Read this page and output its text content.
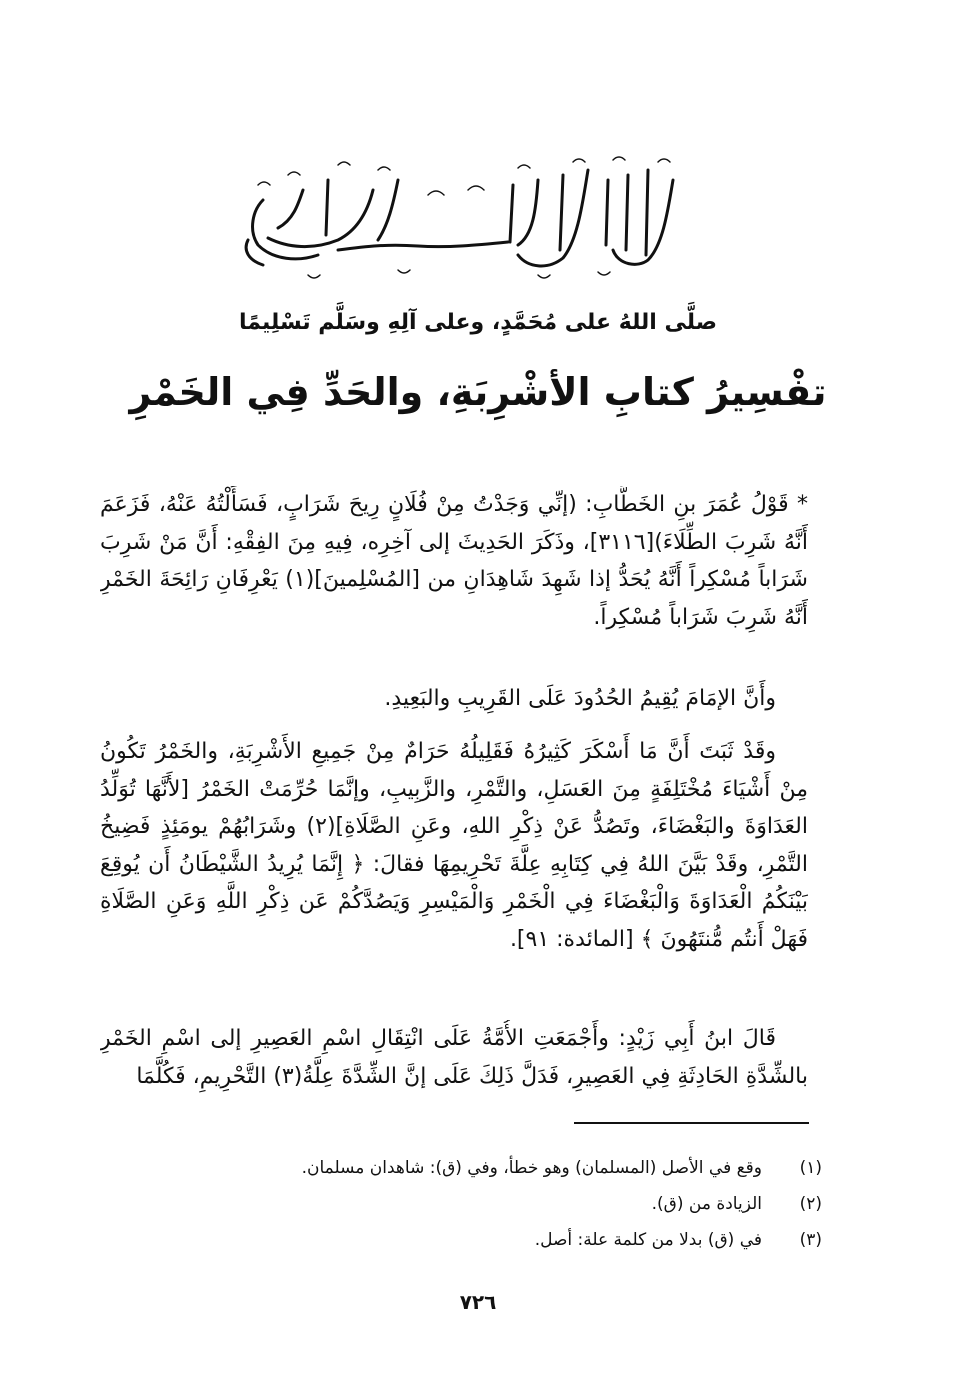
صلَّى اللهُ على مُحَمَّدٍ، وعلى آلِهِ وسَلَّم تَسْلِيمًا
تفْسِيرُ كتابِ الأشْرِبَةِ، والحَدِّ فِي الخَمْرِ
* قَوْلُ عُمَرَ بنِ الخَطَّابِ: (إنِّي وَجَدْتُ مِنْ فُلَانٍ رِيحَ شَرَابٍ، فَسَأَلْتُهُ عَنْهُ، فَزَعَمَ أَنَّهُ شَرِبَ الطِّلَاءَ)[٣١١٦]، وذَكَرَ الحَدِيثَ إلى آخِرِه، فِيهِ مِنَ الفِقْهِ: أَنَّ مَنْ شَرِبَ شَرَاباً مُسْكِراً أَنَّهُ يُحَدُّ إذا شَهِدَ شَاهِدَانِ من [المُسْلِمينَ](١) يَعْرِفَانِ رَائِحَةَ الخَمْرِ أَنَّهُ شَرِبَ شَرَاباً مُسْكِراً.
وأَنَّ الإمَامَ يُقِيمُ الحُدُودَ عَلَى القَرِيبِ والبَعِيدِ.
وقَدْ ثَبَتَ أَنَّ مَا أَسْكَرَ كَثِيرُهُ فَقَلِيلُهُ حَرَامٌ مِنْ جَمِيعِ الأَشْرِبَةِ، والخَمْرُ تَكُونُ مِنْ أَشْيَاءَ مُخْتَلِفَةٍ مِنَ العَسَلِ، والتَّمْرِ، والزَّبِيبِ، وإنَّمَا حُرِّمَتْ الخَمْرُ [لأَنَّهَا تُوَلِّدُ العَدَاوَةَ والبَغْضَاءَ، وتَصُدُّ عَنْ ذِكْرِ اللهِ، وعَنِ الصَّلَاةِ](٢) وشَرَابُهُمْ يومَئِذٍ فَضِيخُ التَّمْرِ، وقَدْ بَيَّنَ اللهُ فِي كِتَابِهِ عِلَّةَ تَحْرِيمِهَا فقالَ: ﴿ إِنَّمَا يُرِيدُ الشَّيْطَانُ أَن يُوقِعَ بَيْنَكُمُ الْعَدَاوَةَ وَالْبَغْضَاءَ فِي الْخَمْرِ وَالْمَيْسِرِ وَيَصُدَّكُمْ عَن ذِكْرِ اللَّهِ وَعَنِ الصَّلَاةِ فَهَلْ أَنتُم مُّنتَهُونَ ﴾ [المائدة: ٩١].
قَالَ ابنُ أَبِي زَيْدٍ: وأَجْمَعَتِ الأُمَّةُ عَلَى انْتِقَالِ اسْمِ العَصِيرِ إلى اسْمِ الخَمْرِ بالشِّدَّةِ الحَادِثَةِ فِي العَصِيرِ، فَدَلَّ ذَلِكَ عَلَى إنَّ الشِّدَّةَ عِلَّةُ(٣) التَّحْرِيمِ، فَكُلَّمَا
(١)
وقع في الأصل (المسلمان) وهو خطأ، وفي (ق): شاهدان مسلمان.
(٢)
الزيادة من (ق).
(٣)
في (ق) بدلا من كلمة علة: أصل.
٧٢٦
